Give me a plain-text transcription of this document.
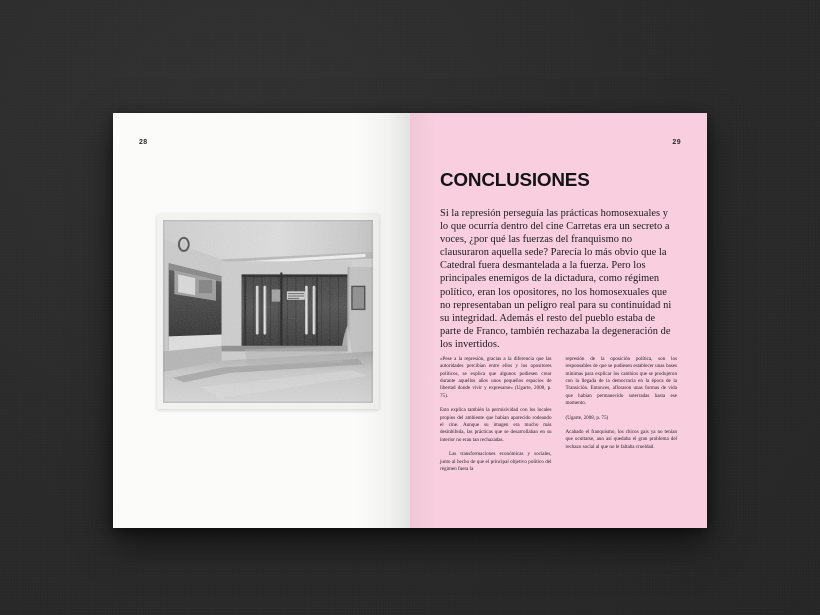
28	29
CONCLUSIONES

Si la represión perseguía las prácticas homosexuales y lo que ocurría dentro del cine Carretas era un secreto a voces, ¿por qué las fuerzas del franquismo no clausuraron aquella sede? Parecía lo más obvio que la Catedral fuera desmantelada a la fuerza. Pero los principales enemigos de la dictadura, como régimen político, eran los opositores, no los homosexuales que no representaban un peligro real para su continuidad ni su integridad. Además el resto del pueblo estaba de parte de Franco, también rechazaba la degeneración de los invertidos.

«Pese a la represión, gracias a la diferencia que las autoridades percibían entre ellos y los opositores políticos, se explica que algunos pudiesen crear durante aquellos años unos pequeños espacios de libertad donde vivir y expresarse» (Ugarte, 2008, p. 75).

Esto explica también la permisividad con los locales propios del ambiente que habían aparecido rodeando el cine. Aunque su imagen era mucho más desinhibida, las prácticas que se desarrollaban en su interior no eran tan rechazadas.

Las transformaciones económicas y sociales, junto al hecho de que el principal objetivo político del régimen fuera la

represión de la oposición política, son los responsables de que se pudiesen establecer unas bases mínimas para explicar los cambios que se produjeron con la llegada de la democracia en la época de la Transición. Entonces, afloraron unas formas de vida que habían permanecido soterradas hasta ese momento.

(Ugarte, 2008, p. 75)

Acabado el franquismo, los chicos gais ya no tenían que ocultarse, aun así quedaba el gran problema del rechazo social al que no le faltaba crueldad.
